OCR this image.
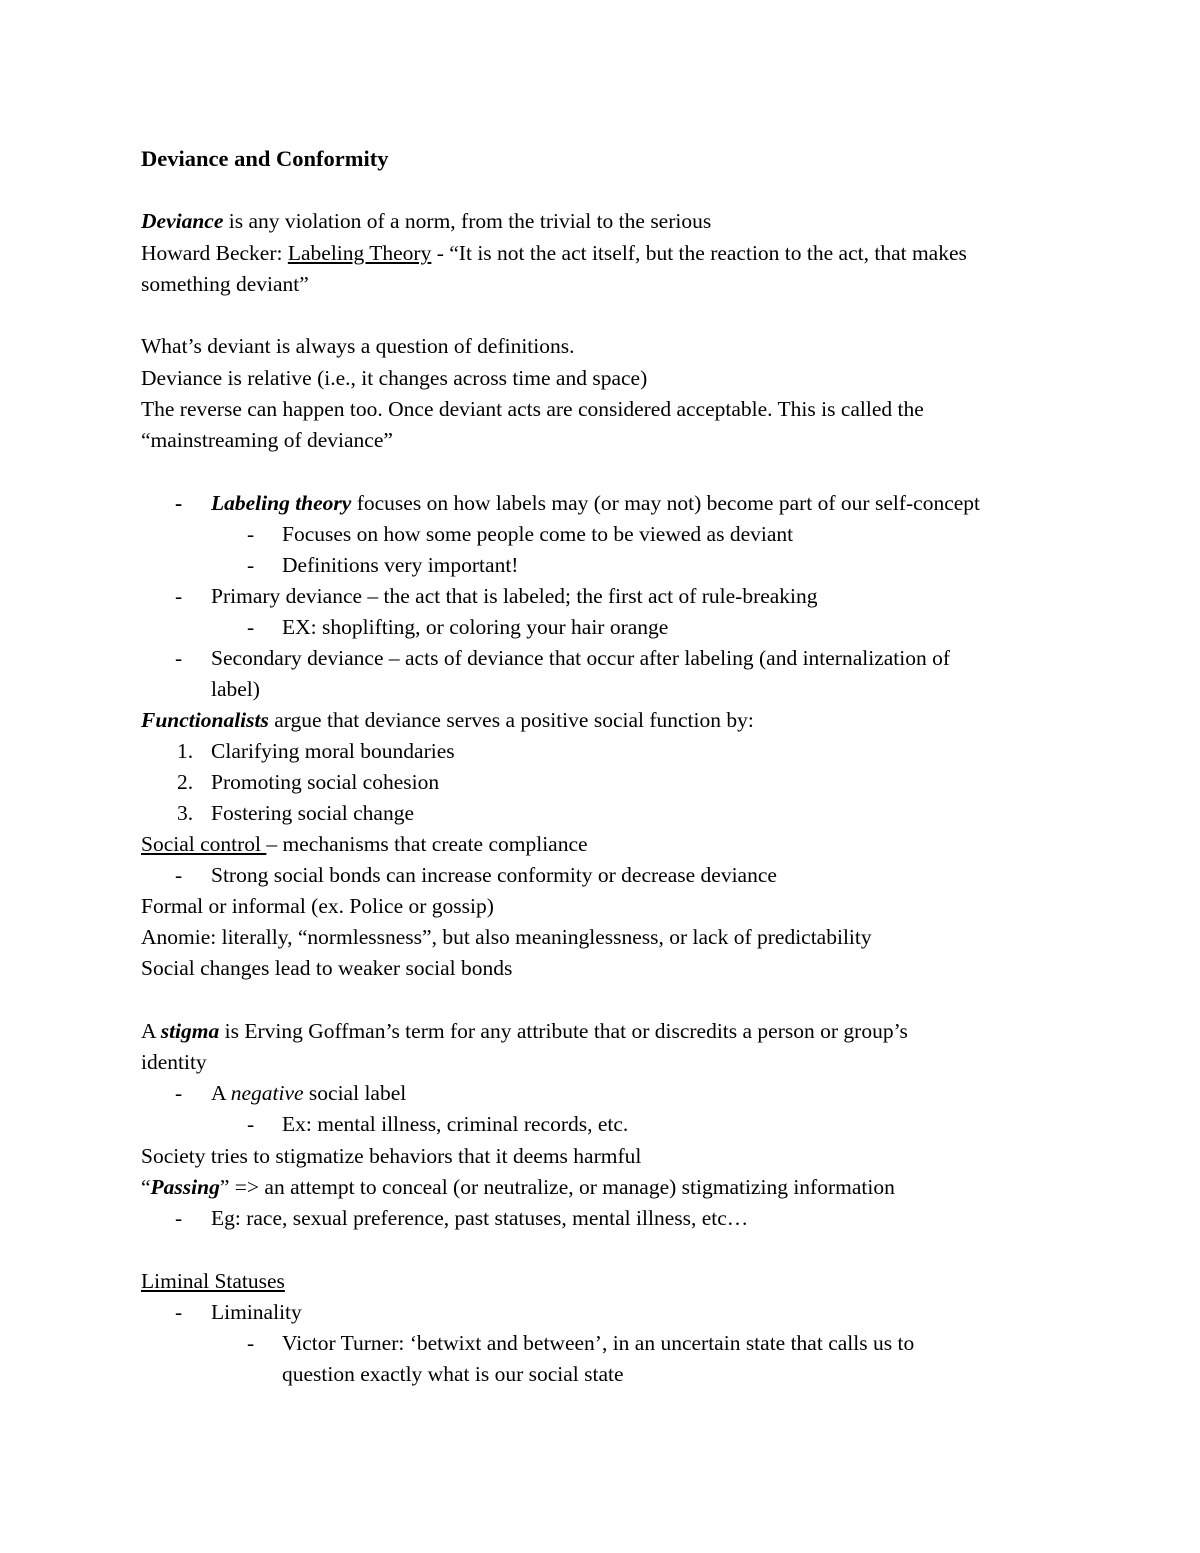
Deviance and Conformity
Deviance is any violation of a norm, from the trivial to the serious
Howard Becker: Labeling Theory - “It is not the act itself, but the reaction to the act, that makes
something deviant”
What’s deviant is always a question of definitions.
Deviance is relative (i.e., it changes across time and space)
The reverse can happen too. Once deviant acts are considered acceptable. This is called the
“mainstreaming of deviance”
- Labeling theory focuses on how labels may (or may not) become part of our self-concept
- Focuses on how some people come to be viewed as deviant
- Definitions very important!
- Primary deviance – the act that is labeled; the first act of rule-breaking
- EX: shoplifting, or coloring your hair orange
- Secondary deviance – acts of deviance that occur after labeling (and internalization of
label)
Functionalists argue that deviance serves a positive social function by:
1. Clarifying moral boundaries
2. Promoting social cohesion
3. Fostering social change
Social control – mechanisms that create compliance
- Strong social bonds can increase conformity or decrease deviance
Formal or informal (ex. Police or gossip)
Anomie: literally, “normlessness”, but also meaninglessness, or lack of predictability
Social changes lead to weaker social bonds
A stigma is Erving Goffman’s term for any attribute that or discredits a person or group’s
identity
- A negative social label
- Ex: mental illness, criminal records, etc.
Society tries to stigmatize behaviors that it deems harmful
“Passing” => an attempt to conceal (or neutralize, or manage) stigmatizing information
- Eg: race, sexual preference, past statuses, mental illness, etc…
Liminal Statuses
- Liminality
- Victor Turner: ‘betwixt and between’, in an uncertain state that calls us to
question exactly what is our social state
